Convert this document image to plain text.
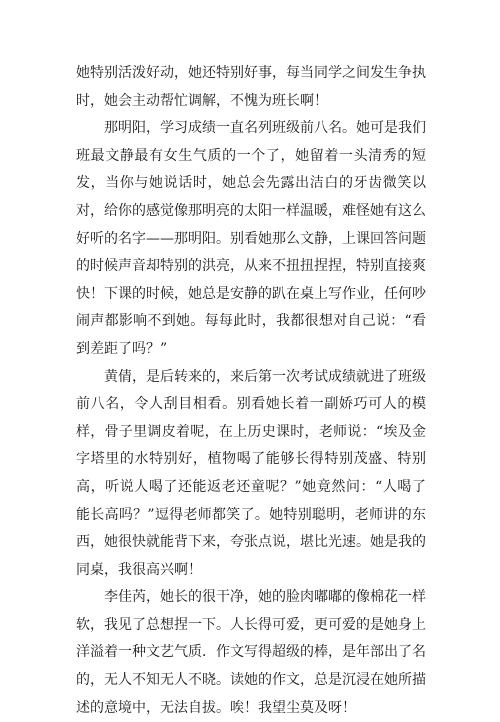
她特别活泼好动，她还特别好事，每当同学之间发生争执时，她会主动帮忙调解，不愧为班长啊！

那明阳，学习成绩一直名列班级前八名。她可是我们班最文静最有女生气质的一个了，她留着一头清秀的短发，当你与她说话时，她总会先露出洁白的牙齿微笑以对，给你的感觉像那明亮的太阳一样温暖，难怪她有这么好听的名字——那明阳。别看她那么文静，上课回答问题的时候声音却特别的洪亮，从来不扭扭捏捏，特别直接爽快！下课的时候，她总是安静的趴在桌上写作业，任何吵闹声都影响不到她。每每此时，我都很想对自己说：“看到差距了吗？”

黄倩，是后转来的，来后第一次考试成绩就进了班级前八名，令人刮目相看。别看她长着一副娇巧可人的模样，骨子里调皮着呢，在上历史课时，老师说：“埃及金字塔里的水特别好，植物喝了能够长得特别茂盛、特别高，听说人喝了还能返老还童呢？”她竟然问：“人喝了能长高吗？”逗得老师都笑了。她特别聪明，老师讲的东西，她很快就能背下来，夸张点说，堪比光速。她是我的同桌，我很高兴啊！

李佳芮，她长的很干净，她的脸肉嘟嘟的像棉花一样软，我见了总想捏一下。人长得可爱，更可爱的是她身上洋溢着一种文艺气质．作文写得超级的棒，是年部出了名的，无人不知无人不晓。读她的作文，总是沉浸在她所描述的意境中，无法自拔。唉！我望尘莫及呀！
